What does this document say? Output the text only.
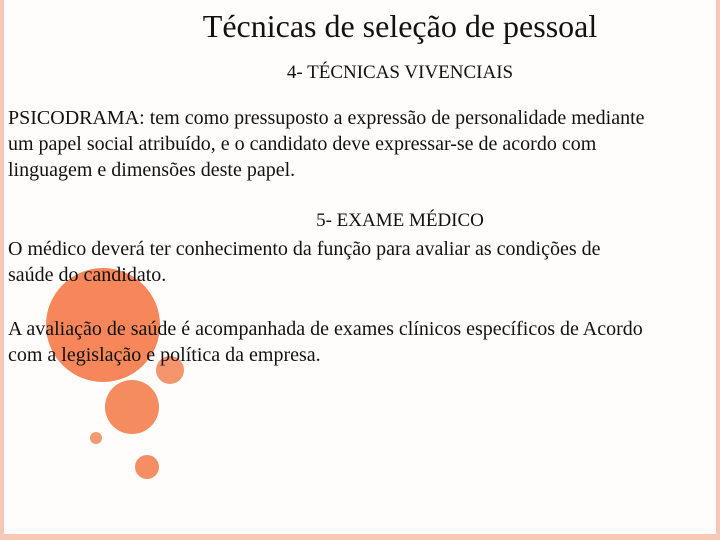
Técnicas de seleção de pessoal

4- TÉCNICAS VIVENCIAIS

PSICODRAMA: tem como pressuposto a expressão de personalidade mediante um papel social atribuído, e o candidato deve expressar-se de acordo com linguagem e dimensões deste papel.

5- EXAME MÉDICO

O médico deverá ter conhecimento da função para avaliar as condições de saúde do candidato.

A avaliação de saúde é acompanhada de exames clínicos específicos de Acordo com a legislação e política da empresa.
